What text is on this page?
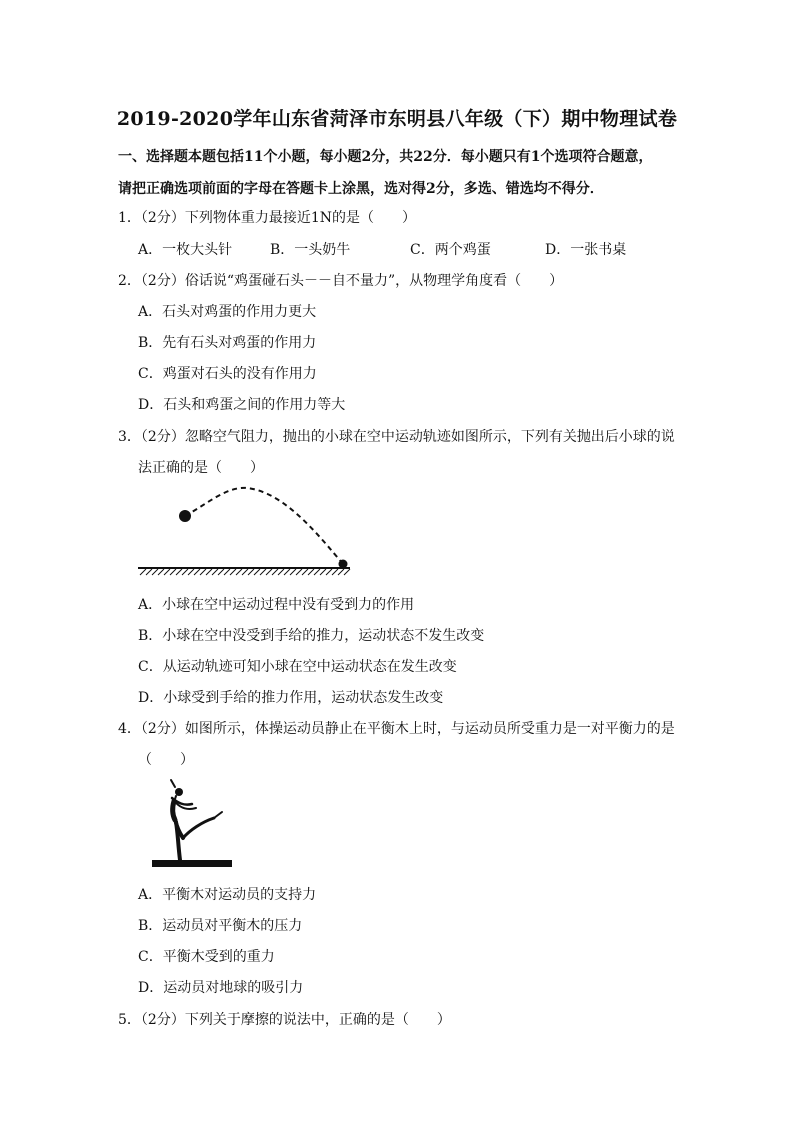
2019-2020学年山东省菏泽市东明县八年级（下）期中物理试卷
一、选择题本题包括11个小题，每小题2分，共22分．每小题只有1个选项符合题意，
请把正确选项前面的字母在答题卡上涂黑，选对得2分，多选、错选均不得分．
1．（2分）下列物体重力最接近1N的是（　　）
A．一枚大头针	B．一头奶牛	C．两个鸡蛋	D．一张书桌
2．（2分）俗话说“鸡蛋碰石头－－自不量力”，从物理学角度看（　　）
A．石头对鸡蛋的作用力更大
B．先有石头对鸡蛋的作用力
C．鸡蛋对石头的没有作用力
D．石头和鸡蛋之间的作用力等大
3．（2分）忽略空气阻力，抛出的小球在空中运动轨迹如图所示，下列有关抛出后小球的说
法正确的是（　　）
A．小球在空中运动过程中没有受到力的作用
B．小球在空中没受到手给的推力，运动状态不发生改变
C．从运动轨迹可知小球在空中运动状态在发生改变
D．小球受到手给的推力作用，运动状态发生改变
4．（2分）如图所示，体操运动员静止在平衡木上时，与运动员所受重力是一对平衡力的是
（　　）
A．平衡木对运动员的支持力
B．运动员对平衡木的压力
C．平衡木受到的重力
D．运动员对地球的吸引力
5．（2分）下列关于摩擦的说法中，正确的是（　　）
